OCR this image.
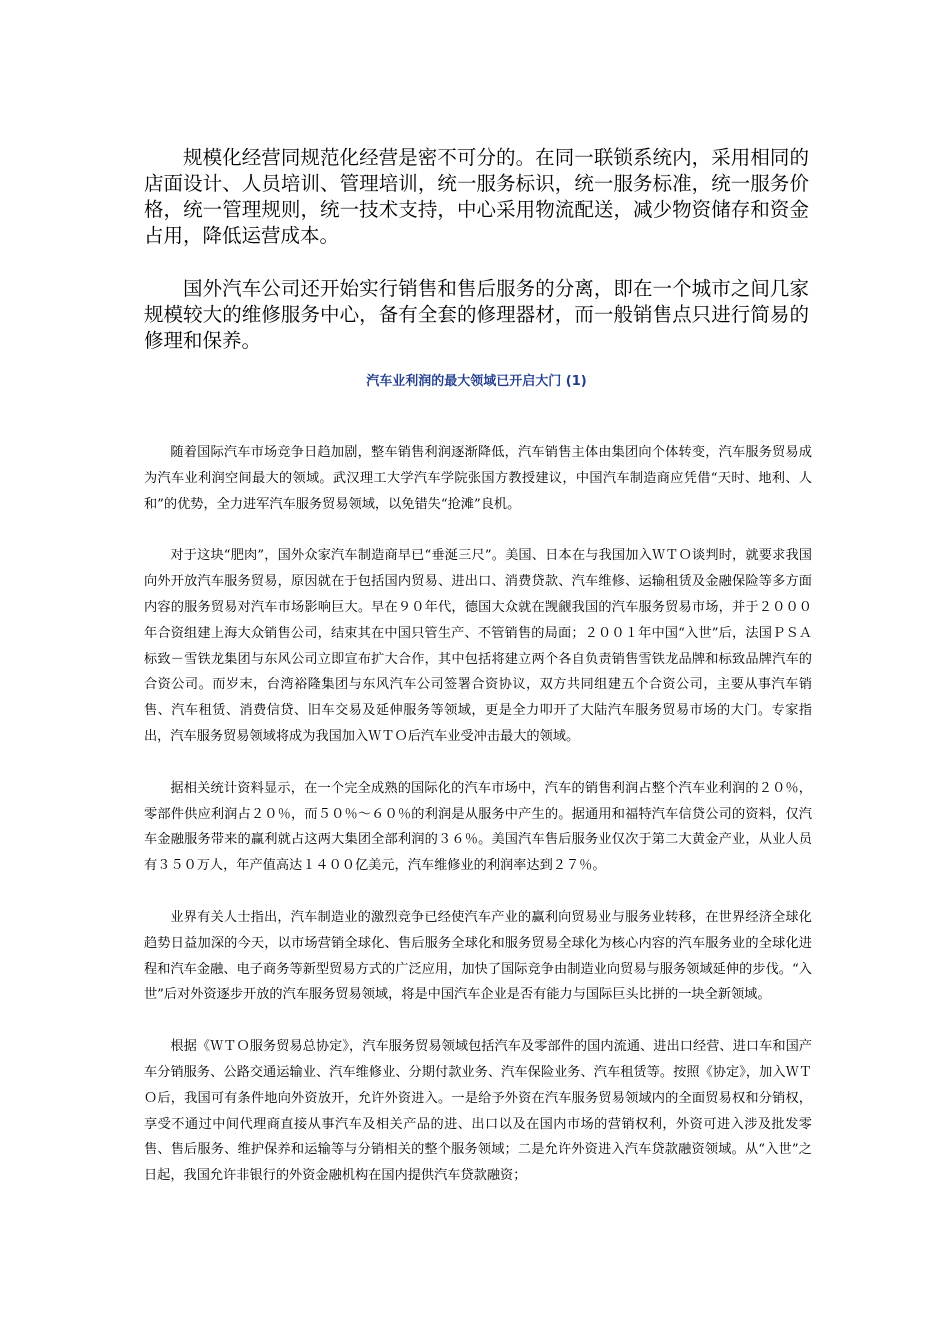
规模化经营同规范化经营是密不可分的。在同一联锁系统内，采用相同的店面设计、人员培训、管理培训，统一服务标识，统一服务标准，统一服务价格，统一管理规则，统一技术支持，中心采用物流配送，减少物资储存和资金占用，降低运营成本。

国外汽车公司还开始实行销售和售后服务的分离，即在一个城市之间几家规模较大的维修服务中心，备有全套的修理器材，而一般销售点只进行简易的修理和保养。

汽车业利润的最大领域已开启大门 (1)

随着国际汽车市场竞争日趋加剧，整车销售利润逐渐降低，汽车销售主体由集团向个体转变，汽车服务贸易成为汽车业利润空间最大的领域。武汉理工大学汽车学院张国方教授建议，中国汽车制造商应凭借“天时、地利、人和”的优势，全力进军汽车服务贸易领域，以免错失“抢滩”良机。

对于这块“肥肉”，国外众家汽车制造商早已“垂涎三尺”。美国、日本在与我国加入ＷＴＯ谈判时，就要求我国向外开放汽车服务贸易，原因就在于包括国内贸易、进出口、消费贷款、汽车维修、运输租赁及金融保险等多方面内容的服务贸易对汽车市场影响巨大。早在９０年代，德国大众就在觊觎我国的汽车服务贸易市场，并于２０００年合资组建上海大众销售公司，结束其在中国只管生产、不管销售的局面；２００１年中国“入世”后，法国ＰＳＡ标致－雪铁龙集团与东风公司立即宣布扩大合作，其中包括将建立两个各自负责销售雪铁龙品牌和标致品牌汽车的合资公司。而岁末，台湾裕隆集团与东风汽车公司签署合资协议，双方共同组建五个合资公司，主要从事汽车销售、汽车租赁、消费信贷、旧车交易及延伸服务等领域，更是全力叩开了大陆汽车服务贸易市场的大门。专家指出，汽车服务贸易领域将成为我国加入ＷＴＯ后汽车业受冲击最大的领域。

据相关统计资料显示，在一个完全成熟的国际化的汽车市场中，汽车的销售利润占整个汽车业利润的２０％，零部件供应利润占２０％，而５０％～６０％的利润是从服务中产生的。据通用和福特汽车信贷公司的资料，仅汽车金融服务带来的赢利就占这两大集团全部利润的３６％。美国汽车售后服务业仅次于第二大黄金产业，从业人员有３５０万人，年产值高达１４００亿美元，汽车维修业的利润率达到２７％。

业界有关人士指出，汽车制造业的激烈竞争已经使汽车产业的赢利向贸易业与服务业转移，在世界经济全球化趋势日益加深的今天，以市场营销全球化、售后服务全球化和服务贸易全球化为核心内容的汽车服务业的全球化进程和汽车金融、电子商务等新型贸易方式的广泛应用，加快了国际竞争由制造业向贸易与服务领域延伸的步伐。“入世”后对外资逐步开放的汽车服务贸易领域，将是中国汽车企业是否有能力与国际巨头比拼的一块全新领域。

根据《ＷＴＯ服务贸易总协定》，汽车服务贸易领域包括汽车及零部件的国内流通、进出口经营、进口车和国产车分销服务、公路交通运输业、汽车维修业、分期付款业务、汽车保险业务、汽车租赁等。按照《协定》，加入ＷＴＯ后，我国可有条件地向外资放开，允许外资进入。一是给予外资在汽车服务贸易领域内的全面贸易权和分销权，享受不通过中间代理商直接从事汽车及相关产品的进、出口以及在国内市场的营销权利，外资可进入涉及批发零售、售后服务、维护保养和运输等与分销相关的整个服务领域；二是允许外资进入汽车贷款融资领域。从“入世”之日起，我国允许非银行的外资金融机构在国内提供汽车贷款融资；
